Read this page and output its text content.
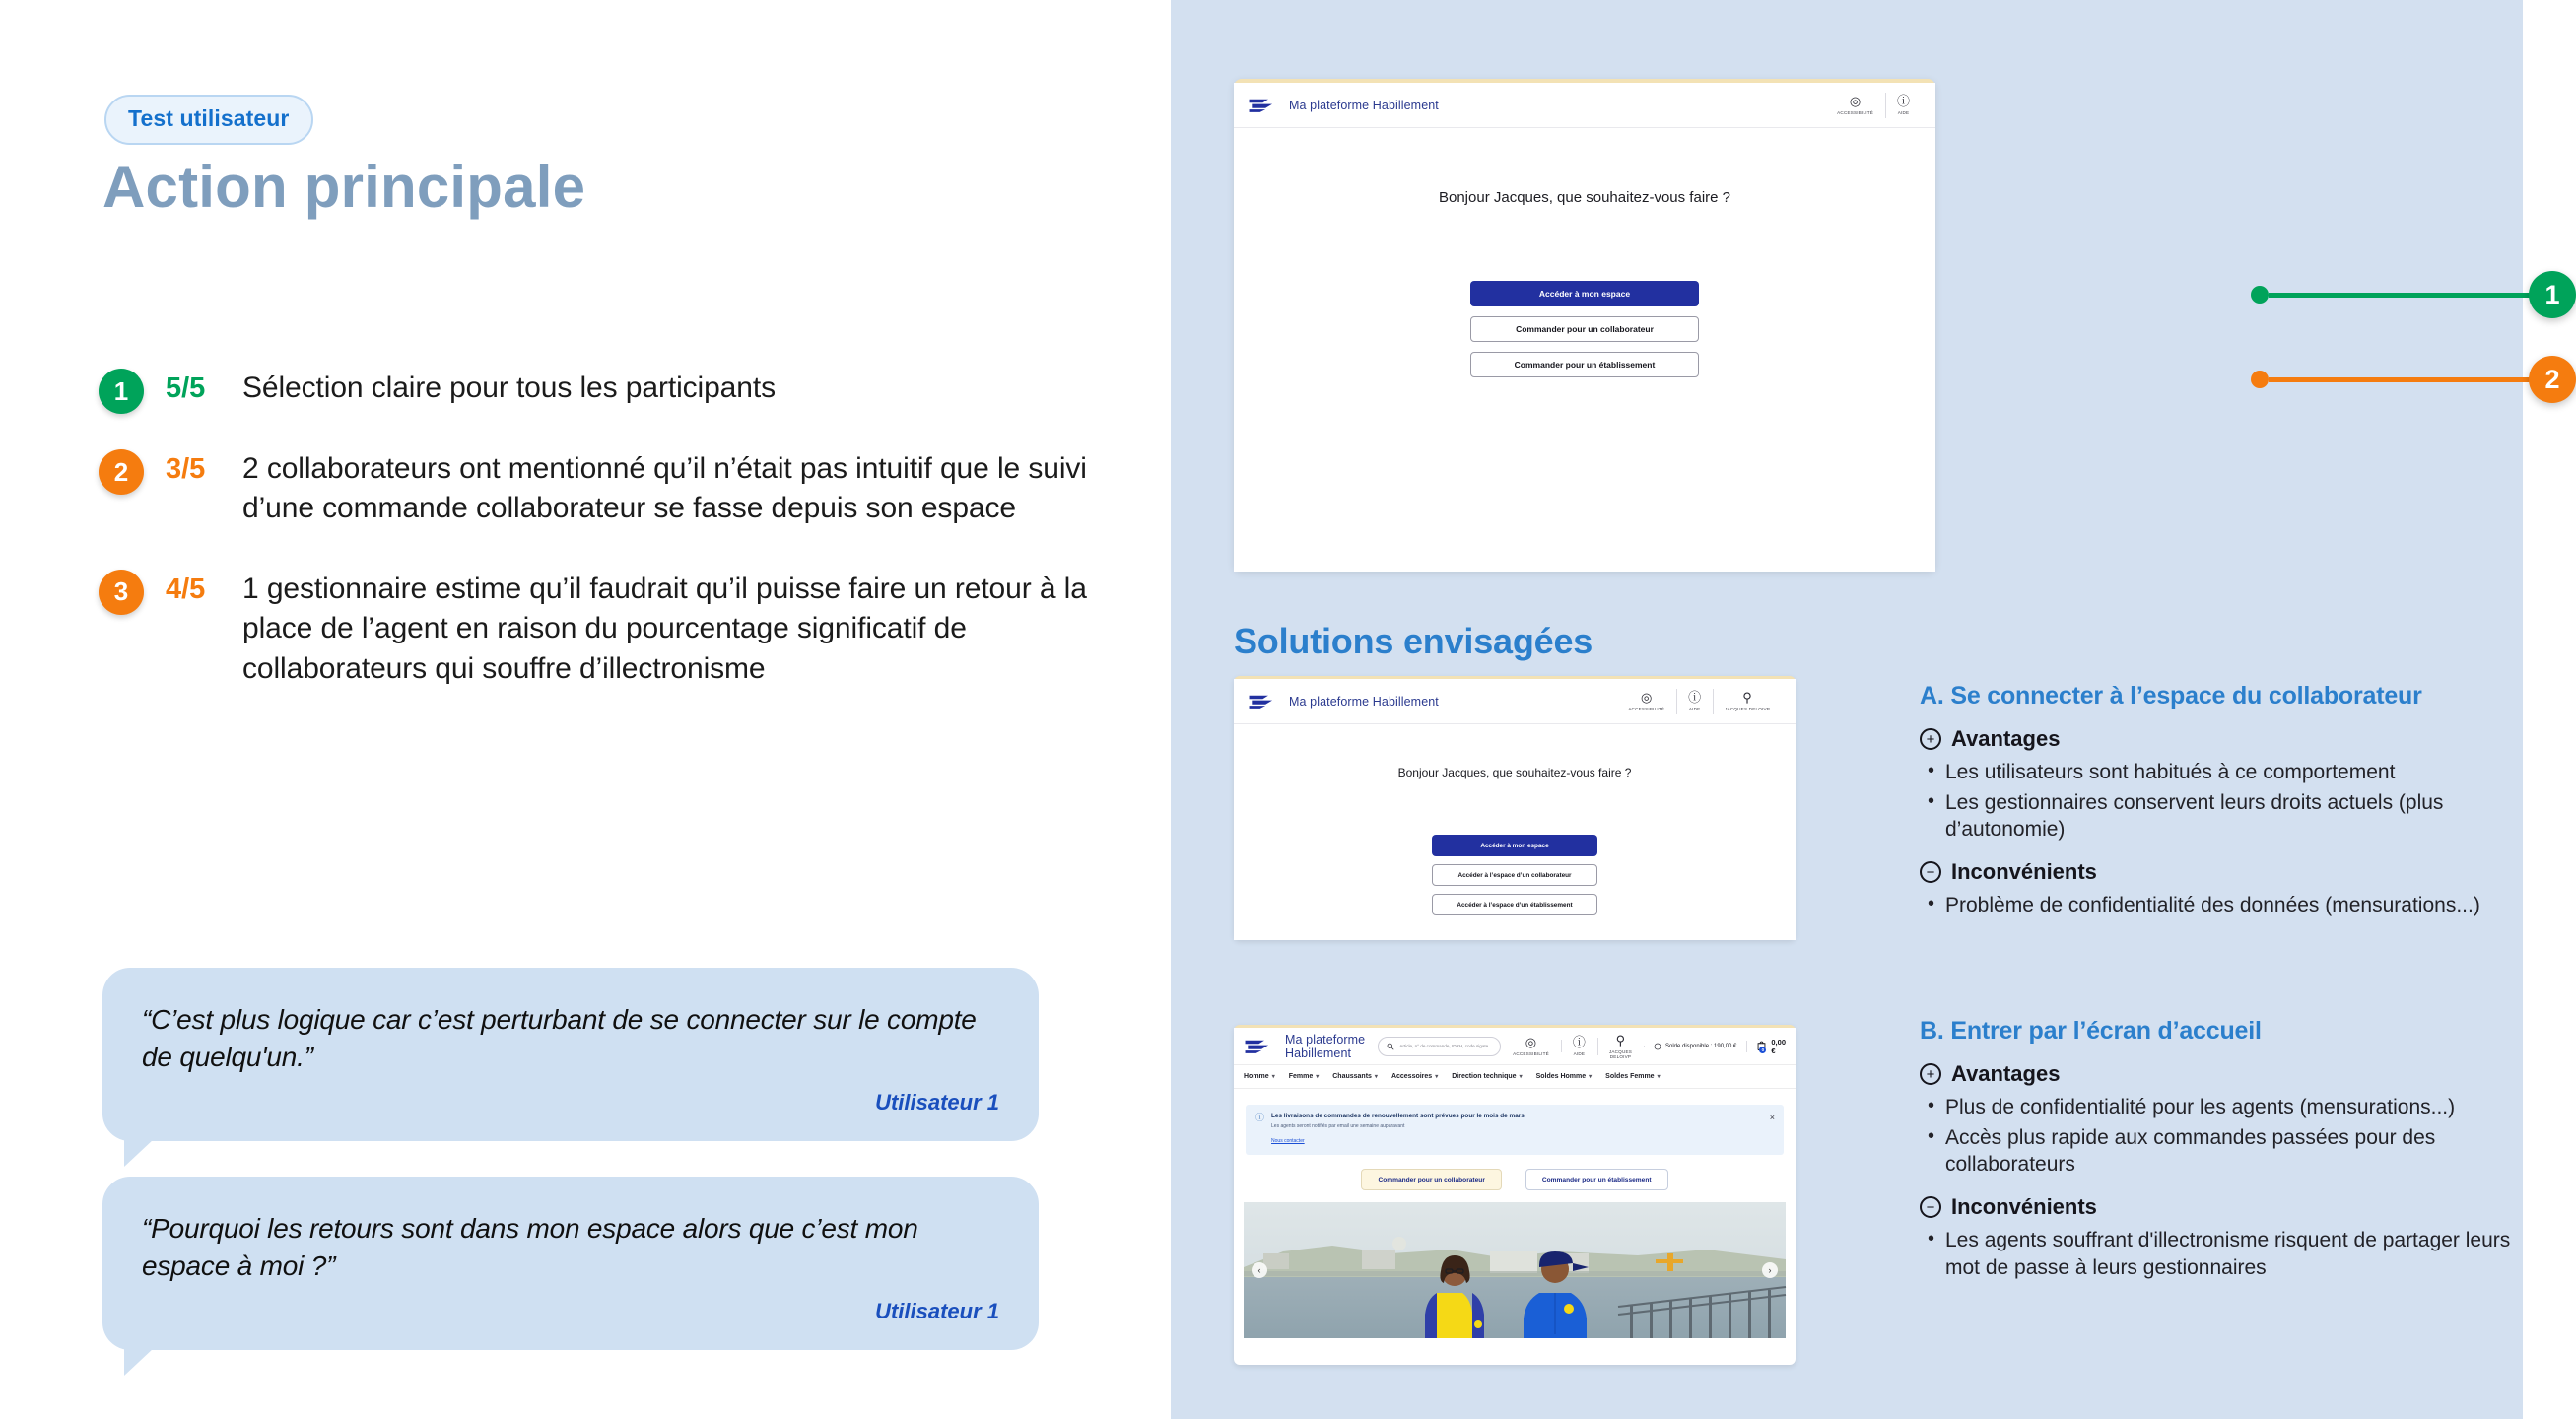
Test utilisateur
Action principale
1	5/5	Sélection claire pour tous les participants
2	3/5	2 collaborateurs ont mentionné qu’il n’était pas intuitif que le suivi d’une commande collaborateur se fasse depuis son espace
3	4/5	1 gestionnaire estime qu’il faudrait qu’il puisse faire un retour à la place de l’agent en raison du pourcentage significatif de collaborateurs qui souffre d’illectronisme
“C’est plus logique car c’est perturbant de se connecter sur le compte de quelqu'un.”
Utilisateur 1
“Pourquoi les retours sont dans mon espace alors que c’est mon espace à moi ?”
Utilisateur 1
Ma plateforme Habillement	◎
ACCESSIBILITÉ
ⓘ
AIDE
Bonjour Jacques, que souhaitez-vous faire ?
Accéder à mon espace
Commander pour un collaborateur
Commander pour un établissement
1
2
Solutions envisagées
Ma plateforme Habillement	◎
ACCESSIBILITÉ
ⓘ
AIDE
⚲
JACQUES DELOIVP
Bonjour Jacques, que souhaitez-vous faire ?
Accéder à mon espace
Accéder à l’espace d’un collaborateur
Accéder à l’espace d’un établissement
A. Se connecter à l’espace du collaborateur
+ Avantages
• Les utilisateurs sont habitués à ce comportement
• Les gestionnaires conservent leurs droits actuels (plus d’autonomie)
− Inconvénients
• Problème de confidentialité des données (mensurations...)
Ma plateforme Habillement	Article, n° de commande, IDRH, code sigate...	◎
ACCESSIBILITÉ
ⓘ
AIDE
⚲
JACQUES DELOIVP
Solde disponible : 190,00 €
0
0,00 €
Homme ▾ Femme ▾ Chaussants ▾ Accessoires ▾ Direction technique ▾ Soldes Homme ▾ Soldes Femme ▾
ⓘ Les livraisons de commandes de renouvellement sont prévues pour le mois de mars
Les agents seront notifiés par email une semaine auparavant
Nous contacter
×
Commander pour un collaborateur	Commander pour un établissement
‹	›
B. Entrer par l’écran d’accueil
+ Avantages
• Plus de confidentialité pour les agents (mensurations...)
• Accès plus rapide aux commandes passées pour des collaborateurs
− Inconvénients
• Les agents souffrant d'illectronisme risquent de partager leurs mot de passe à leurs gestionnaires
